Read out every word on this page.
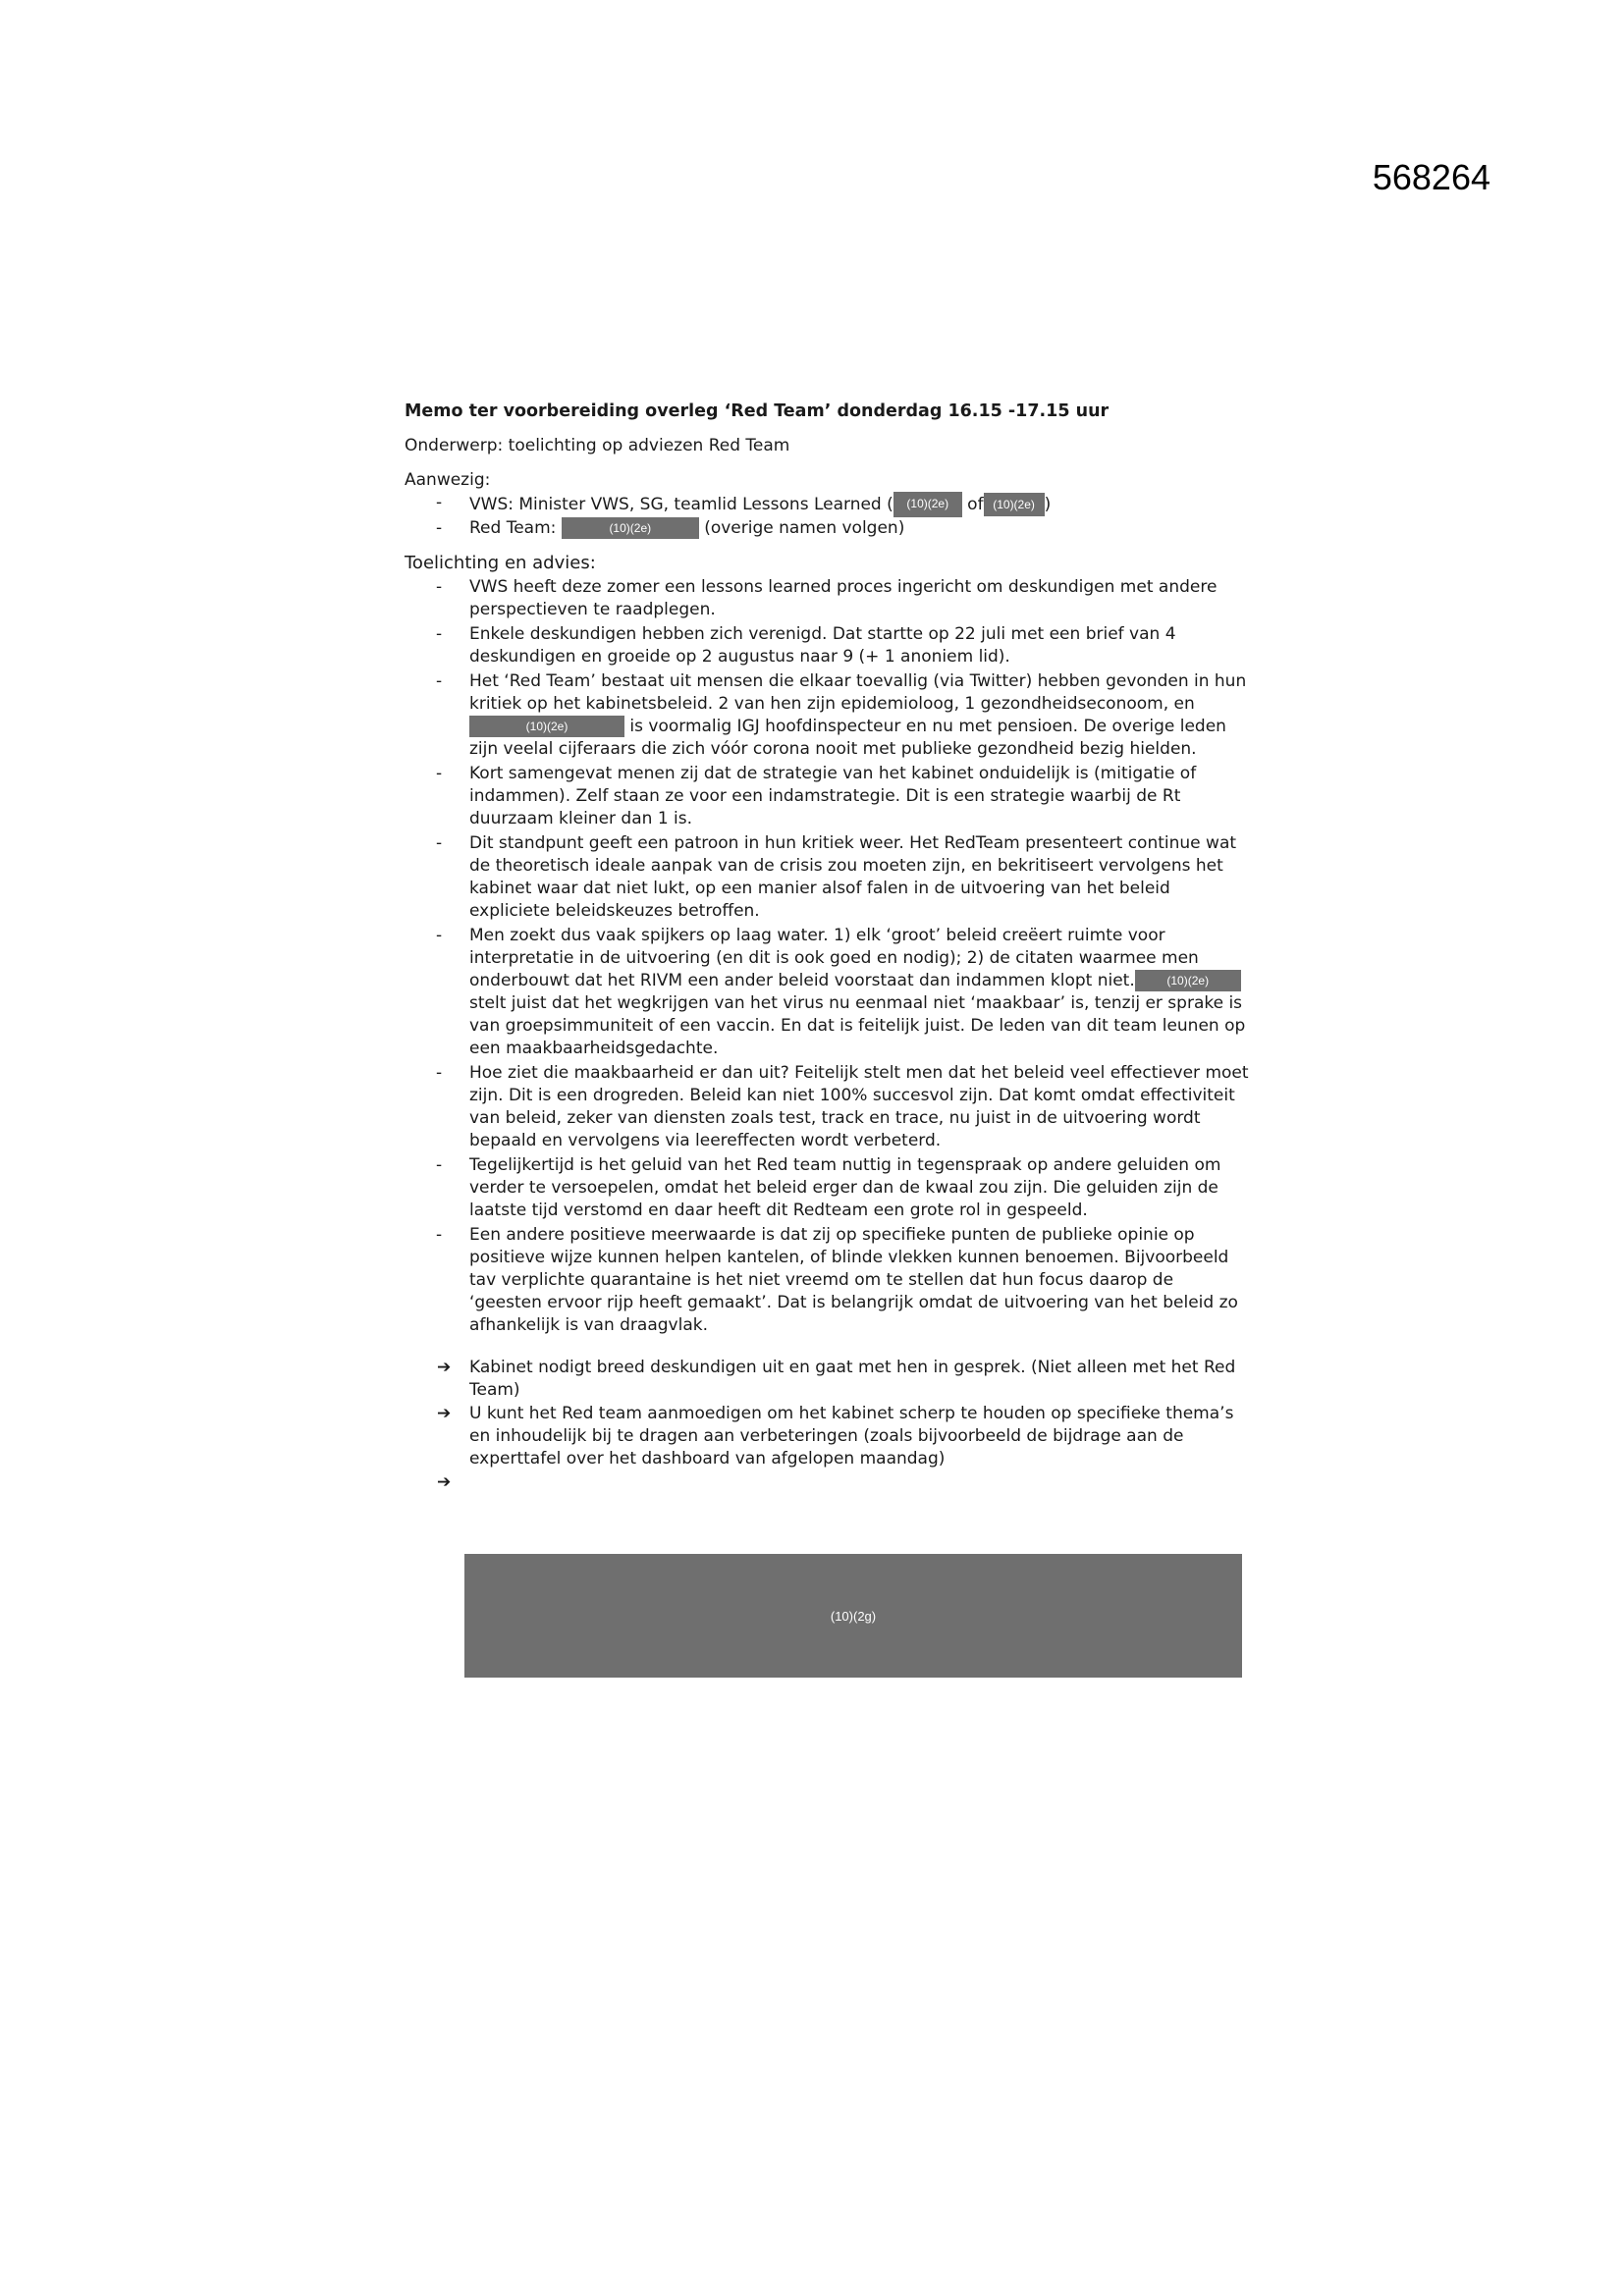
568264
Memo ter voorbereiding overleg ‘Red Team’ donderdag 16.15 -17.15 uur
Onderwerp: toelichting op adviezen Red Team
Aanwezig:
- VWS: Minister VWS, SG, teamlid Lessons Learned ( (10)(2e) of (10)(2e) )
- Red Team:	(10)(2e)	(overige namen volgen)
Toelichting en advies:
- VWS heeft deze zomer een lessons learned proces ingericht om deskundigen met andere perspectieven te raadplegen.
- Enkele deskundigen hebben zich verenigd. Dat startte op 22 juli met een brief van 4 deskundigen en groeide op 2 augustus naar 9 (+ 1 anoniem lid).
- Het ‘Red Team’ bestaat uit mensen die elkaar toevallig (via Twitter) hebben gevonden in hun kritiek op het kabinetsbeleid. 2 van hen zijn epidemioloog, 1 gezondheidseconoom, en (10)(2e)	is voormalig IGJ hoofdinspecteur en nu met pensioen. De overige leden zijn veelal cijferaars die zich vóór corona nooit met publieke gezondheid bezig hielden.
- Kort samengevat menen zij dat de strategie van het kabinet onduidelijk is (mitigatie of indammen). Zelf staan ze voor een indamstrategie. Dit is een strategie waarbij de Rt duurzaam kleiner dan 1 is.
- Dit standpunt geeft een patroon in hun kritiek weer. Het RedTeam presenteert continue wat de theoretisch ideale aanpak van de crisis zou moeten zijn, en bekritiseert vervolgens het kabinet waar dat niet lukt, op een manier alsof falen in de uitvoering van het beleid expliciete beleidskeuzes betroffen.
- Men zoekt dus vaak spijkers op laag water. 1) elk ‘groot’ beleid creëert ruimte voor interpretatie in de uitvoering (en dit is ook goed en nodig); 2) de citaten waarmee men onderbouwt dat het RIVM een ander beleid voorstaat dan indammen klopt niet.	(10)(2e)stelt juist dat het wegkrijgen van het virus nu eenmaal niet ‘maakbaar’ is, tenzij er sprake is van groepsimmuniteit of een vaccin. En dat is feitelijk juist. De leden van dit team leunen op een maakbaarheidsgedachte.
- Hoe ziet die maakbaarheid er dan uit? Feitelijk stelt men dat het beleid veel effectiever moet zijn. Dit is een drogreden. Beleid kan niet 100% succesvol zijn. Dat komt omdat effectiviteit van beleid, zeker van diensten zoals test, track en trace, nu juist in de uitvoering wordt bepaald en vervolgens via leereffecten wordt verbeterd.
- Tegelijkertijd is het geluid van het Red team nuttig in tegenspraak op andere geluiden om verder te versoepelen, omdat het beleid erger dan de kwaal zou zijn. Die geluiden zijn de laatste tijd verstomd en daar heeft dit Redteam een grote rol in gespeeld.
- Een andere positieve meerwaarde is dat zij op specifieke punten de publieke opinie op positieve wijze kunnen helpen kantelen, of blinde vlekken kunnen benoemen. Bijvoorbeeld tav verplichte quarantaine is het niet vreemd om te stellen dat hun focus daarop de ‘geesten ervoor rijp heeft gemaakt’. Dat is belangrijk omdat de uitvoering van het beleid zo afhankelijk is van draagvlak.
➔ Kabinet nodigt breed deskundigen uit en gaat met hen in gesprek. (Niet alleen met het Red Team)
➔ U kunt het Red team aanmoedigen om het kabinet scherp te houden op specifieke thema’s en inhoudelijk bij te dragen aan verbeteringen (zoals bijvoorbeeld de bijdrage aan de experttafel over het dashboard van afgelopen maandag)
➔
(10)(2g)
